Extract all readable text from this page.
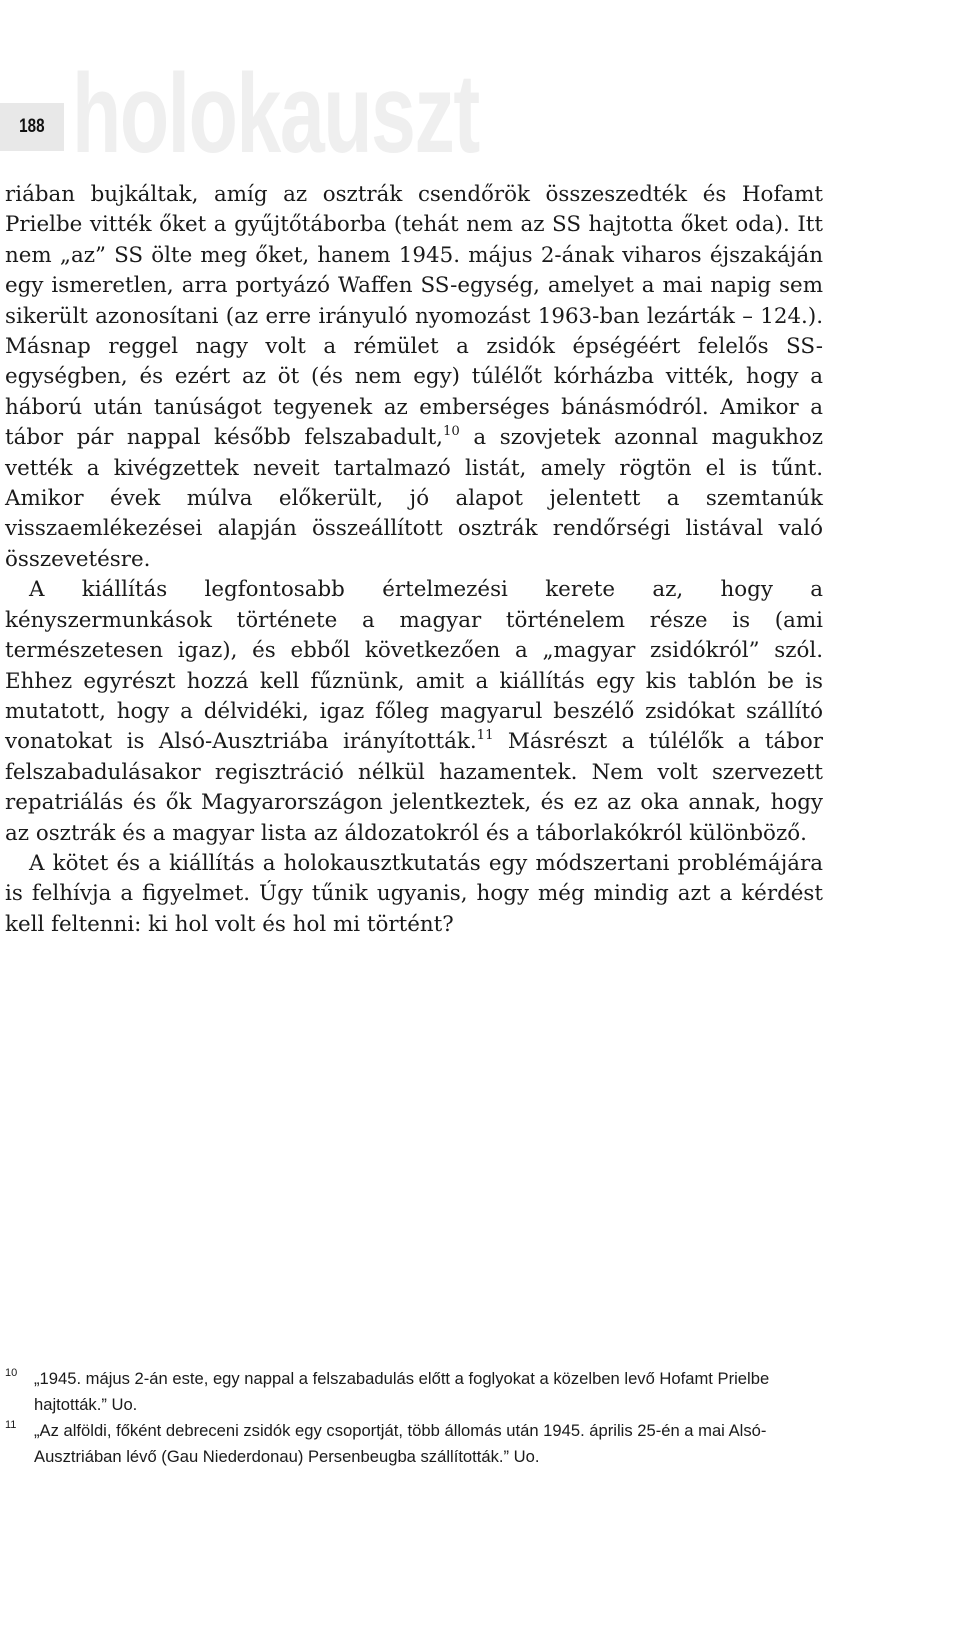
188 holokauszt

riában bujkáltak, amíg az osztrák csendőrök összeszedték és Hofamt Prielbe vitték őket a gyűjtőtáborba (tehát nem az SS hajtotta őket oda). Itt nem „az” SS ölte meg őket, hanem 1945. május 2-ának viharos éjszakáján egy ismeretlen, arra portyázó Waffen SS-egység, amelyet a mai napig sem sikerült azonosítani (az erre irányuló nyomozást 1963-ban lezárták – 124.). Másnap reggel nagy volt a rémület a zsidók épségéért felelős SS-egységben, és ezért az öt (és nem egy) túlélőt kórházba vitték, hogy a háború után tanúságot tegyenek az emberséges bánásmódról. Amikor a tábor pár nappal később felszabadult,$^{10}$ a szovjetek azonnal magukhoz vették a kivégzettek neveit tartalmazó listát, amely rögtön el is tűnt. Amikor évek múlva előkerült, jó alapot jelentett a szemtanúk visszaemlékezései alapján összeállított osztrák rendőrségi listával való összevetésre.

A kiállítás legfontosabb értelmezési kerete az, hogy a kényszermunkások története a magyar történelem része is (ami természetesen igaz), és ebből következően a „magyar zsidókról” szól. Ehhez egyrészt hozzá kell fűznünk, amit a kiállítás egy kis tablón be is mutatott, hogy a délvidéki, igaz főleg magyarul beszélő zsidókat szállító vonatokat is Alsó-Ausztriába irányították.$^{11}$ Másrészt a túlélők a tábor felszabadulásakor regisztráció nélkül hazamentek. Nem volt szervezett repatriálás és ők Magyarországon jelentkeztek, és ez az oka annak, hogy az osztrák és a magyar lista az áldozatokról és a táborlakókról különböző.

A kötet és a kiállítás a holokausztkutatás egy módszertani problémájára is felhívja a figyelmet. Úgy tűnik ugyanis, hogy még mindig azt a kérdést kell feltenni: ki hol volt és hol mi történt?

10 „1945. május 2-án este, egy nappal a felszabadulás előtt a foglyokat a közelben levő Hofamt Prielbe hajtották.” Uo.
11 „Az alföldi, főként debreceni zsidók egy csoportját, több állomás után 1945. április 25-én a mai Alsó-Ausztriában lévő (Gau Niederdonau) Persenbeugba szállították.” Uo.
